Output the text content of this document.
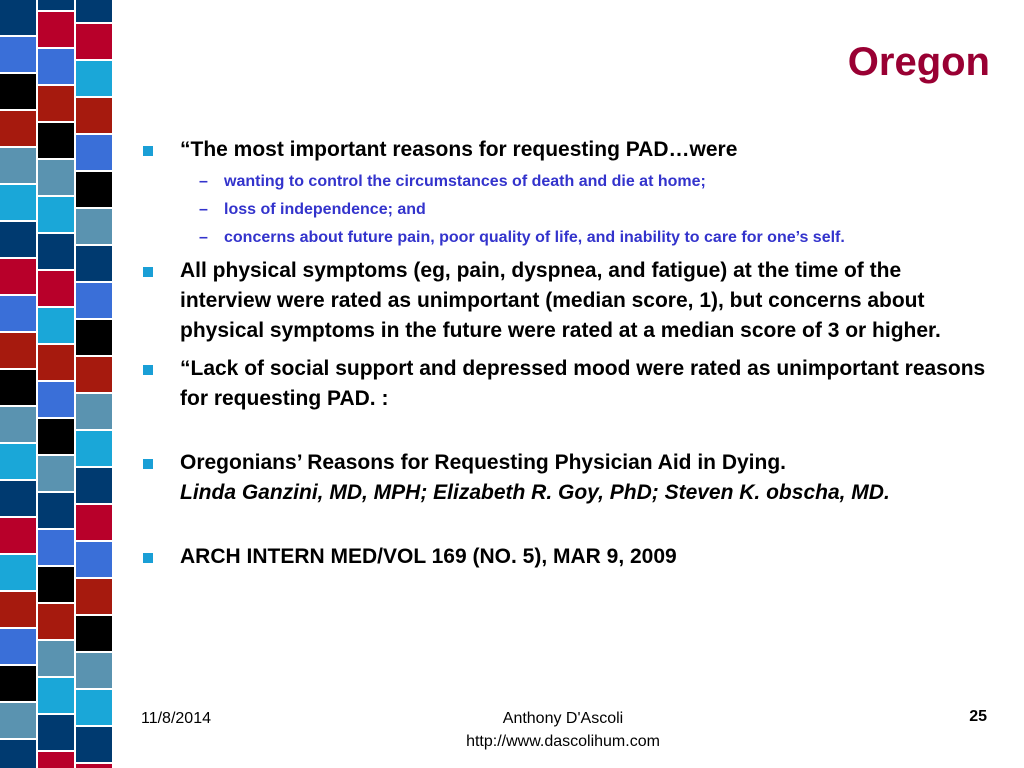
Oregon
“The most important reasons for requesting PAD…were
– wanting to control the circumstances of death and die at home;
– loss of independence; and
– concerns about future pain, poor quality of life, and inability to care for one’s self.
All physical symptoms (eg, pain, dyspnea, and fatigue) at the time of the interview were rated as unimportant (median score, 1), but concerns about physical symptoms in the future were rated at a median score of 3 or higher.
“Lack of social support and depressed mood were rated as unimportant reasons for requesting PAD. :
Oregonians’ Reasons for Requesting Physician Aid in Dying.
Linda Ganzini, MD, MPH; Elizabeth R. Goy, PhD; Steven K. obscha, MD.
ARCH INTERN MED/VOL 169 (NO. 5), MAR 9, 2009
11/8/2014	Anthony D'Ascoli
http://www.dascolihum.com
25
